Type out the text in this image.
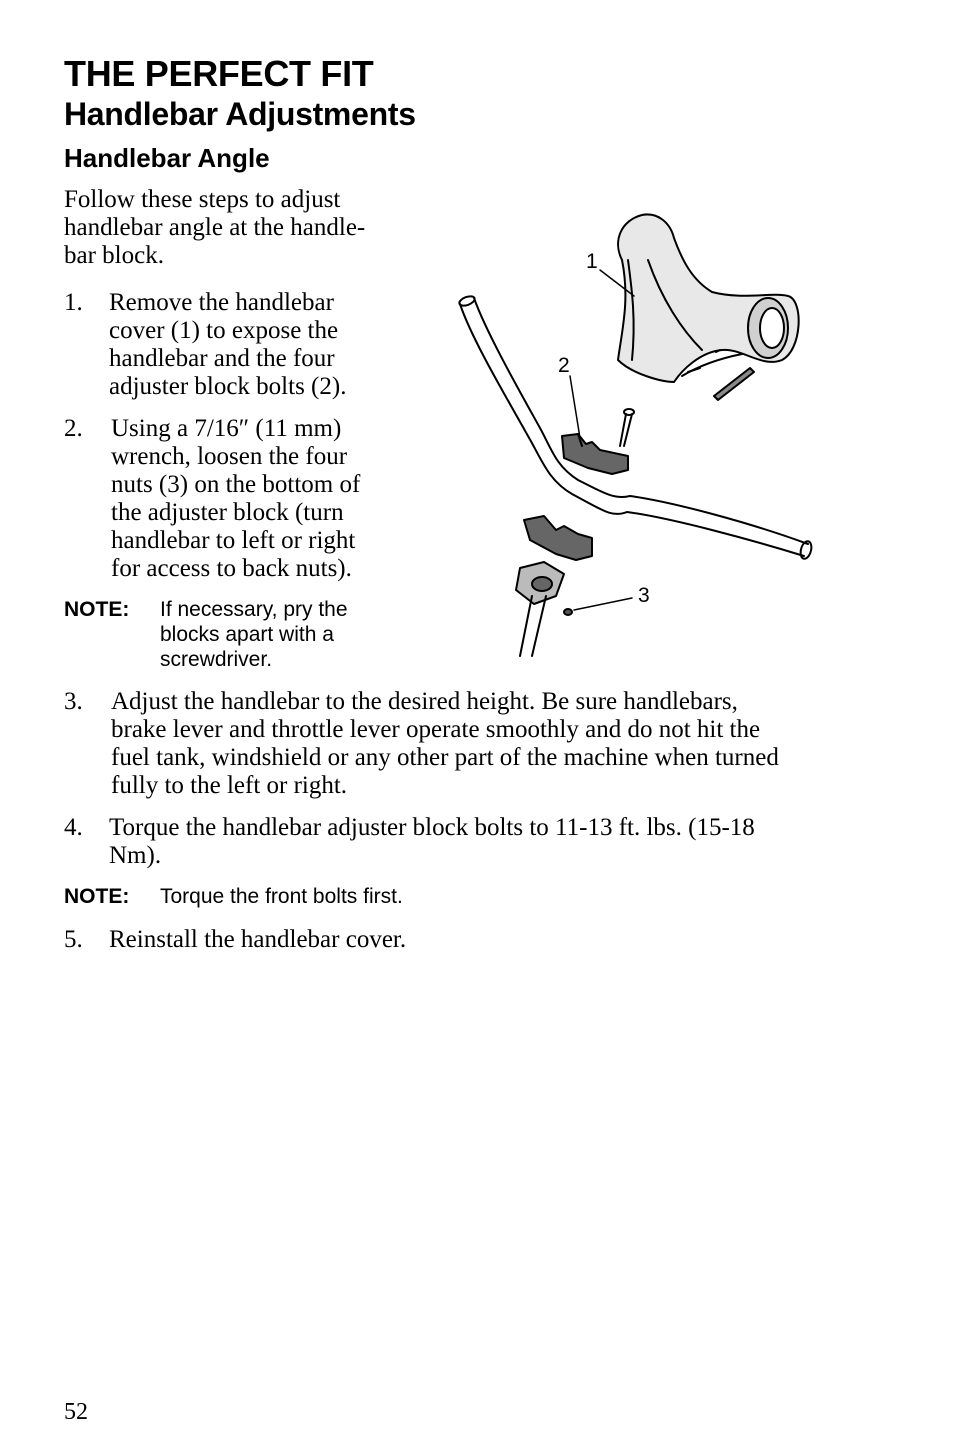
THE PERFECT FIT
Handlebar Adjustments
Handlebar Angle
Follow these steps to adjust
handlebar angle at the handle-
bar block.
1. Remove the handlebar
cover (1) to expose the
handlebar and the four
adjuster block bolts (2).
2. Using a 7/16″ (11 mm)
wrench, loosen the four
nuts (3) on the bottom of
the adjuster block (turn
handlebar to left or right
for access to back nuts).
NOTE: If necessary, pry the
blocks apart with a
screwdriver.
3. Adjust the handlebar to the desired height. Be sure handlebars,
brake lever and throttle lever operate smoothly and do not hit the
fuel tank, windshield or any other part of the machine when turned
fully to the left or right.
4. Torque the handlebar adjuster block bolts to 11-13 ft. lbs. (15-18
Nm).
NOTE: Torque the front bolts first.
5. Reinstall the handlebar cover.
1
2
3
52
